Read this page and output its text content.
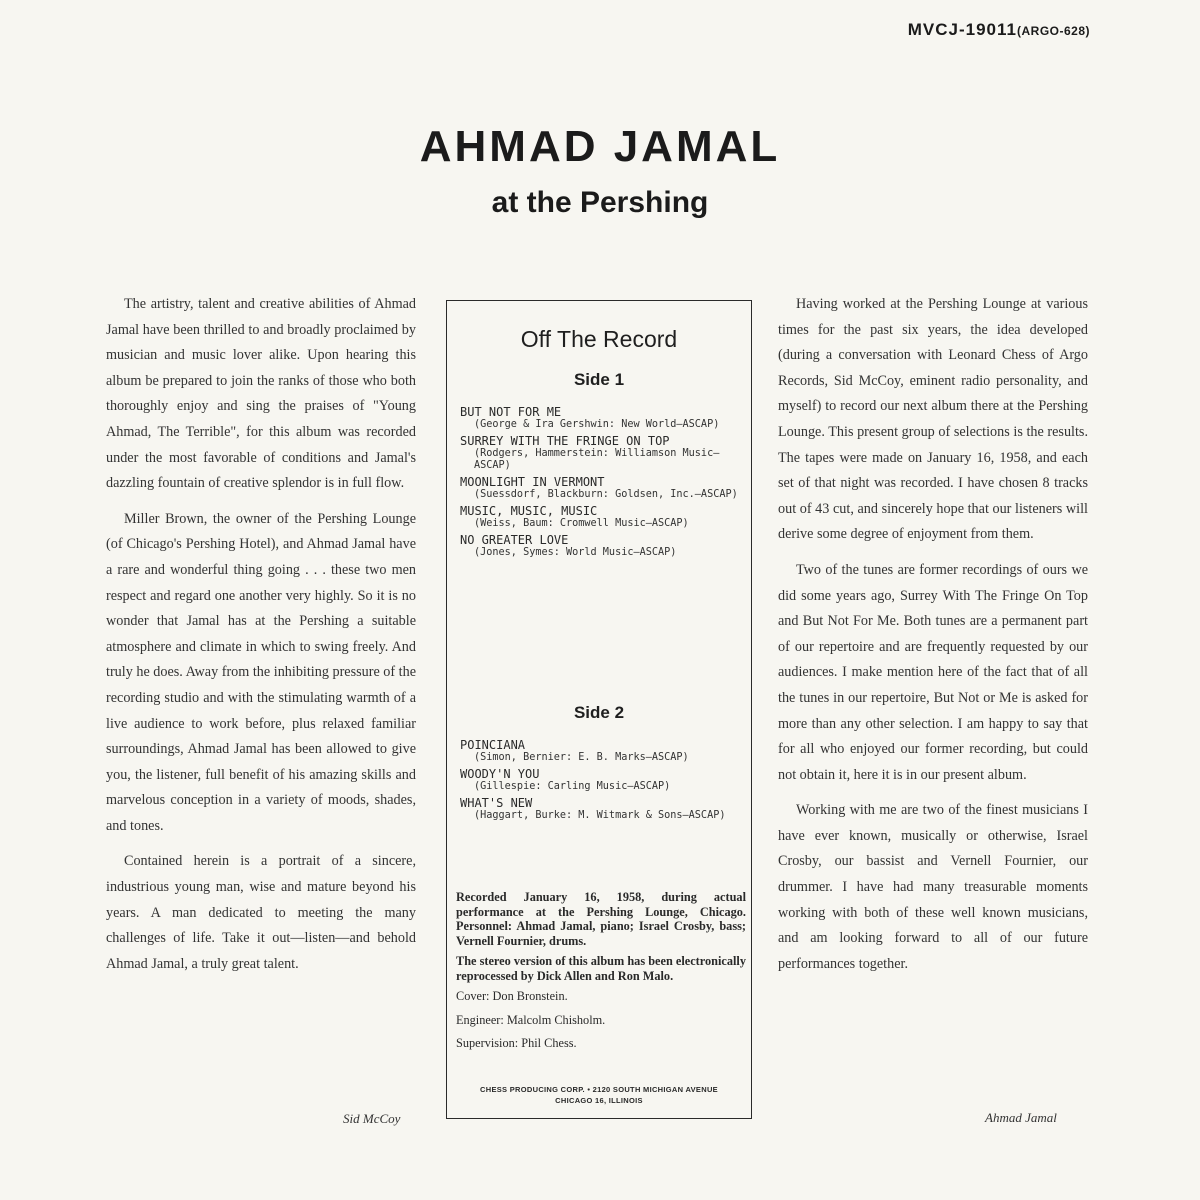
MVCJ-19011(ARGO-628)
AHMAD JAMAL
at the Pershing

The artistry, talent and creative abilities of Ahmad Jamal have been thrilled to and broadly proclaimed by musician and music lover alike. Upon hearing this album be prepared to join the ranks of those who both thoroughly enjoy and sing the praises of "Young Ahmad, The Terrible", for this album was recorded under the most favorable of conditions and Jamal's dazzling fountain of creative splendor is in full flow.

Miller Brown, the owner of the Pershing Lounge (of Chicago's Pershing Hotel), and Ahmad Jamal have a rare and wonderful thing going . . . these two men respect and regard one another very highly. So it is no wonder that Jamal has at the Pershing a suitable atmosphere and climate in which to swing freely. And truly he does. Away from the inhibiting pressure of the recording studio and with the stimulating warmth of a live audience to work before, plus relaxed familiar surroundings, Ahmad Jamal has been allowed to give you, the listener, full benefit of his amazing skills and marvelous conception in a variety of moods, shades, and tones.

Contained herein is a portrait of a sincere, industrious young man, wise and mature beyond his years. A man dedicated to meeting the many challenges of life. Take it out—listen—and behold Ahmad Jamal, a truly great talent.

Sid McCoy
Off The Record
Side 1
BUT NOT FOR ME
(George & Ira Gershwin: New World—ASCAP)
SURREY WITH THE FRINGE ON TOP
(Rodgers, Hammerstein: Williamson Music—ASCAP)
MOONLIGHT IN VERMONT
(Suessdorf, Blackburn: Goldsen, Inc.—ASCAP)
MUSIC, MUSIC, MUSIC
(Weiss, Baum: Cromwell Music—ASCAP)
NO GREATER LOVE
(Jones, Symes: World Music—ASCAP)
Side 2
POINCIANA
(Simon, Bernier: E. B. Marks—ASCAP)
WOODY'N YOU
(Gillespie: Carling Music—ASCAP)
WHAT'S NEW
(Haggart, Burke: M. Witmark & Sons—ASCAP)

Recorded January 16, 1958, during actual performance at the Pershing Lounge, Chicago. Personnel: Ahmad Jamal, piano; Israel Crosby, bass; Vernell Fournier, drums.

The stereo version of this album has been electronically reprocessed by Dick Allen and Ron Malo.

Cover: Don Bronstein.

Engineer: Malcolm Chisholm.

Supervision: Phil Chess.

CHESS PRODUCING CORP. • 2120 SOUTH MICHIGAN AVENUE
CHICAGO 16, ILLINOIS

Having worked at the Pershing Lounge at various times for the past six years, the idea developed (during a conversation with Leonard Chess of Argo Records, Sid McCoy, eminent radio personality, and myself) to record our next album there at the Pershing Lounge. This present group of selections is the results. The tapes were made on January 16, 1958, and each set of that night was recorded. I have chosen 8 tracks out of 43 cut, and sincerely hope that our listeners will derive some degree of enjoyment from them.

Two of the tunes are former recordings of ours we did some years ago, Surrey With The Fringe On Top and But Not For Me. Both tunes are a permanent part of our repertoire and are frequently requested by our audiences. I make mention here of the fact that of all the tunes in our repertoire, But Not or Me is asked for more than any other selection. I am happy to say that for all who enjoyed our former recording, but could not obtain it, here it is in our present album.

Working with me are two of the finest musicians I have ever known, musically or otherwise, Israel Crosby, our bassist and Vernell Fournier, our drummer. I have had many treasurable moments working with both of these well known musicians, and am looking forward to all of our future performances together.

Ahmad Jamal
